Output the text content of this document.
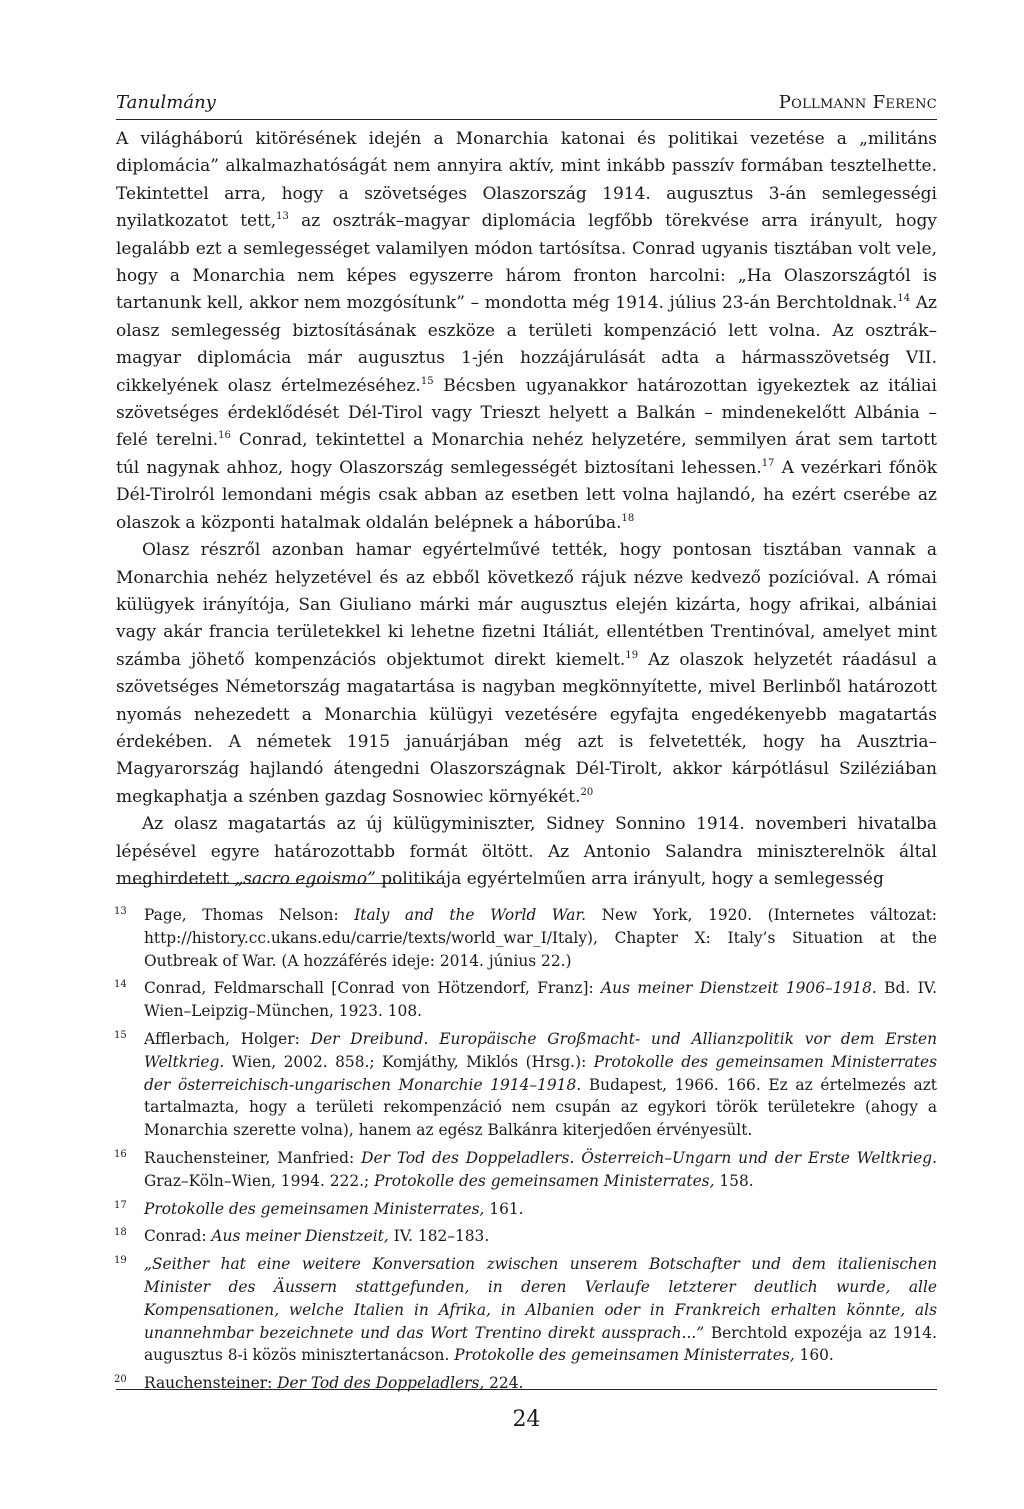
Tanulmány	Pollmann Ferenc

A világháború kitörésének idején a Monarchia katonai és politikai vezetése a „militáns diplomácia” alkalmazhatóságát nem annyira aktív, mint inkább passzív formában tesztelhette. Tekintettel arra, hogy a szövetséges Olaszország 1914. augusztus 3-án semlegességi nyilatkozatot tett,$^{13}$ az osztrák–magyar diplomácia legfőbb törekvése arra irányult, hogy legalább ezt a semlegességet valamilyen módon tartósítsa. Conrad ugyanis tisztában volt vele, hogy a Monarchia nem képes egyszerre három fronton harcolni: „Ha Olaszországtól is tartanunk kell, akkor nem mozgósítunk” – mondotta még 1914. július 23-án Berchtoldnak.$^{14}$ Az olasz semlegesség biztosításának eszköze a területi kompenzáció lett volna. Az osztrák–magyar diplomácia már augusztus 1-jén hozzájárulását adta a hármasszövetség VII. cikkelyének olasz értelmezéséhez.$^{15}$ Bécsben ugyanakkor határozottan igyekeztek az itáliai szövetséges érdeklődését Dél-Tirol vagy Trieszt helyett a Balkán – mindenekelőtt Albánia – felé terelni.$^{16}$ Conrad, tekintettel a Monarchia nehéz helyzetére, semmilyen árat sem tartott túl nagynak ahhoz, hogy Olaszország semlegességét biztosítani lehessen.$^{17}$ A vezérkari főnök Dél-Tirolról lemondani mégis csak abban az esetben lett volna hajlandó, ha ezért cserébe az olaszok a központi hatalmak oldalán belépnek a háborúba.$^{18}$

Olasz részről azonban hamar egyértelművé tették, hogy pontosan tisztában vannak a Monarchia nehéz helyzetével és az ebből következő rájuk nézve kedvező pozícióval. A római külügyek irányítója, San Giuliano márki már augusztus elején kizárta, hogy afrikai, albániai vagy akár francia területekkel ki lehetne fizetni Itáliát, ellentétben Trentinóval, amelyet mint számba jöhető kompenzációs objektumot direkt kiemelt.$^{19}$ Az olaszok helyzetét ráadásul a szövetséges Németország magatartása is nagyban megkönnyítette, mivel Berlinből határozott nyomás nehezedett a Monarchia külügyi vezetésére egyfajta engedékenyebb magatartás érdekében. A németek 1915 januárjában még azt is felvetették, hogy ha Ausztria–Magyarország hajlandó átengedni Olaszországnak Dél-Tirolt, akkor kárpótlásul Sziléziában megkaphatja a szénben gazdag Sosnowiec környékét.$^{20}$

Az olasz magatartás az új külügyminiszter, Sidney Sonnino 1914. novemberi hivatalba lépésével egyre határozottabb formát öltött. Az Antonio Salandra miniszterelnök által meghirdetett „sacro egoismo” politikája egyértelműen arra irányult, hogy a semlegesség

13 Page, Thomas Nelson: Italy and the World War. New York, 1920. (Internetes változat: http://history.cc.ukans.edu/carrie/texts/world_war_I/Italy), Chapter X: Italy’s Situation at the Outbreak of War. (A hozzáférés ideje: 2014. június 22.)
14 Conrad, Feldmarschall [Conrad von Hötzendorf, Franz]: Aus meiner Dienstzeit 1906–1918. Bd. IV. Wien–Leipzig–München, 1923. 108.
15 Afflerbach, Holger: Der Dreibund. Europäische Großmacht- und Allianzpolitik vor dem Ersten Weltkrieg. Wien, 2002. 858.; Komjáthy, Miklós (Hrsg.): Protokolle des gemeinsamen Ministerrates der österreichisch-ungarischen Monarchie 1914–1918. Budapest, 1966. 166. Ez az értelmezés azt tartalmazta, hogy a területi rekompenzáció nem csupán az egykori török területekre (ahogy a Monarchia szerette volna), hanem az egész Balkánra kiterjedően érvényesült.
16 Rauchensteiner, Manfried: Der Tod des Doppeladlers. Österreich–Ungarn und der Erste Weltkrieg. Graz–Köln–Wien, 1994. 222.; Protokolle des gemeinsamen Ministerrates, 158.
17 Protokolle des gemeinsamen Ministerrates, 161.
18 Conrad: Aus meiner Dienstzeit, IV. 182–183.
19 „Seither hat eine weitere Konversation zwischen unserem Botschafter und dem italienischen Minister des Äussern stattgefunden, in deren Verlaufe letzterer deutlich wurde, alle Kompensationen, welche Italien in Afrika, in Albanien oder in Frankreich erhalten könnte, als unannehmbar bezeichnete und das Wort Trentino direkt aussprach...” Berchtold expozéja az 1914. augusztus 8-i közös minisztertanácson. Protokolle des gemeinsamen Ministerrates, 160.
20 Rauchensteiner: Der Tod des Doppeladlers, 224.
24
